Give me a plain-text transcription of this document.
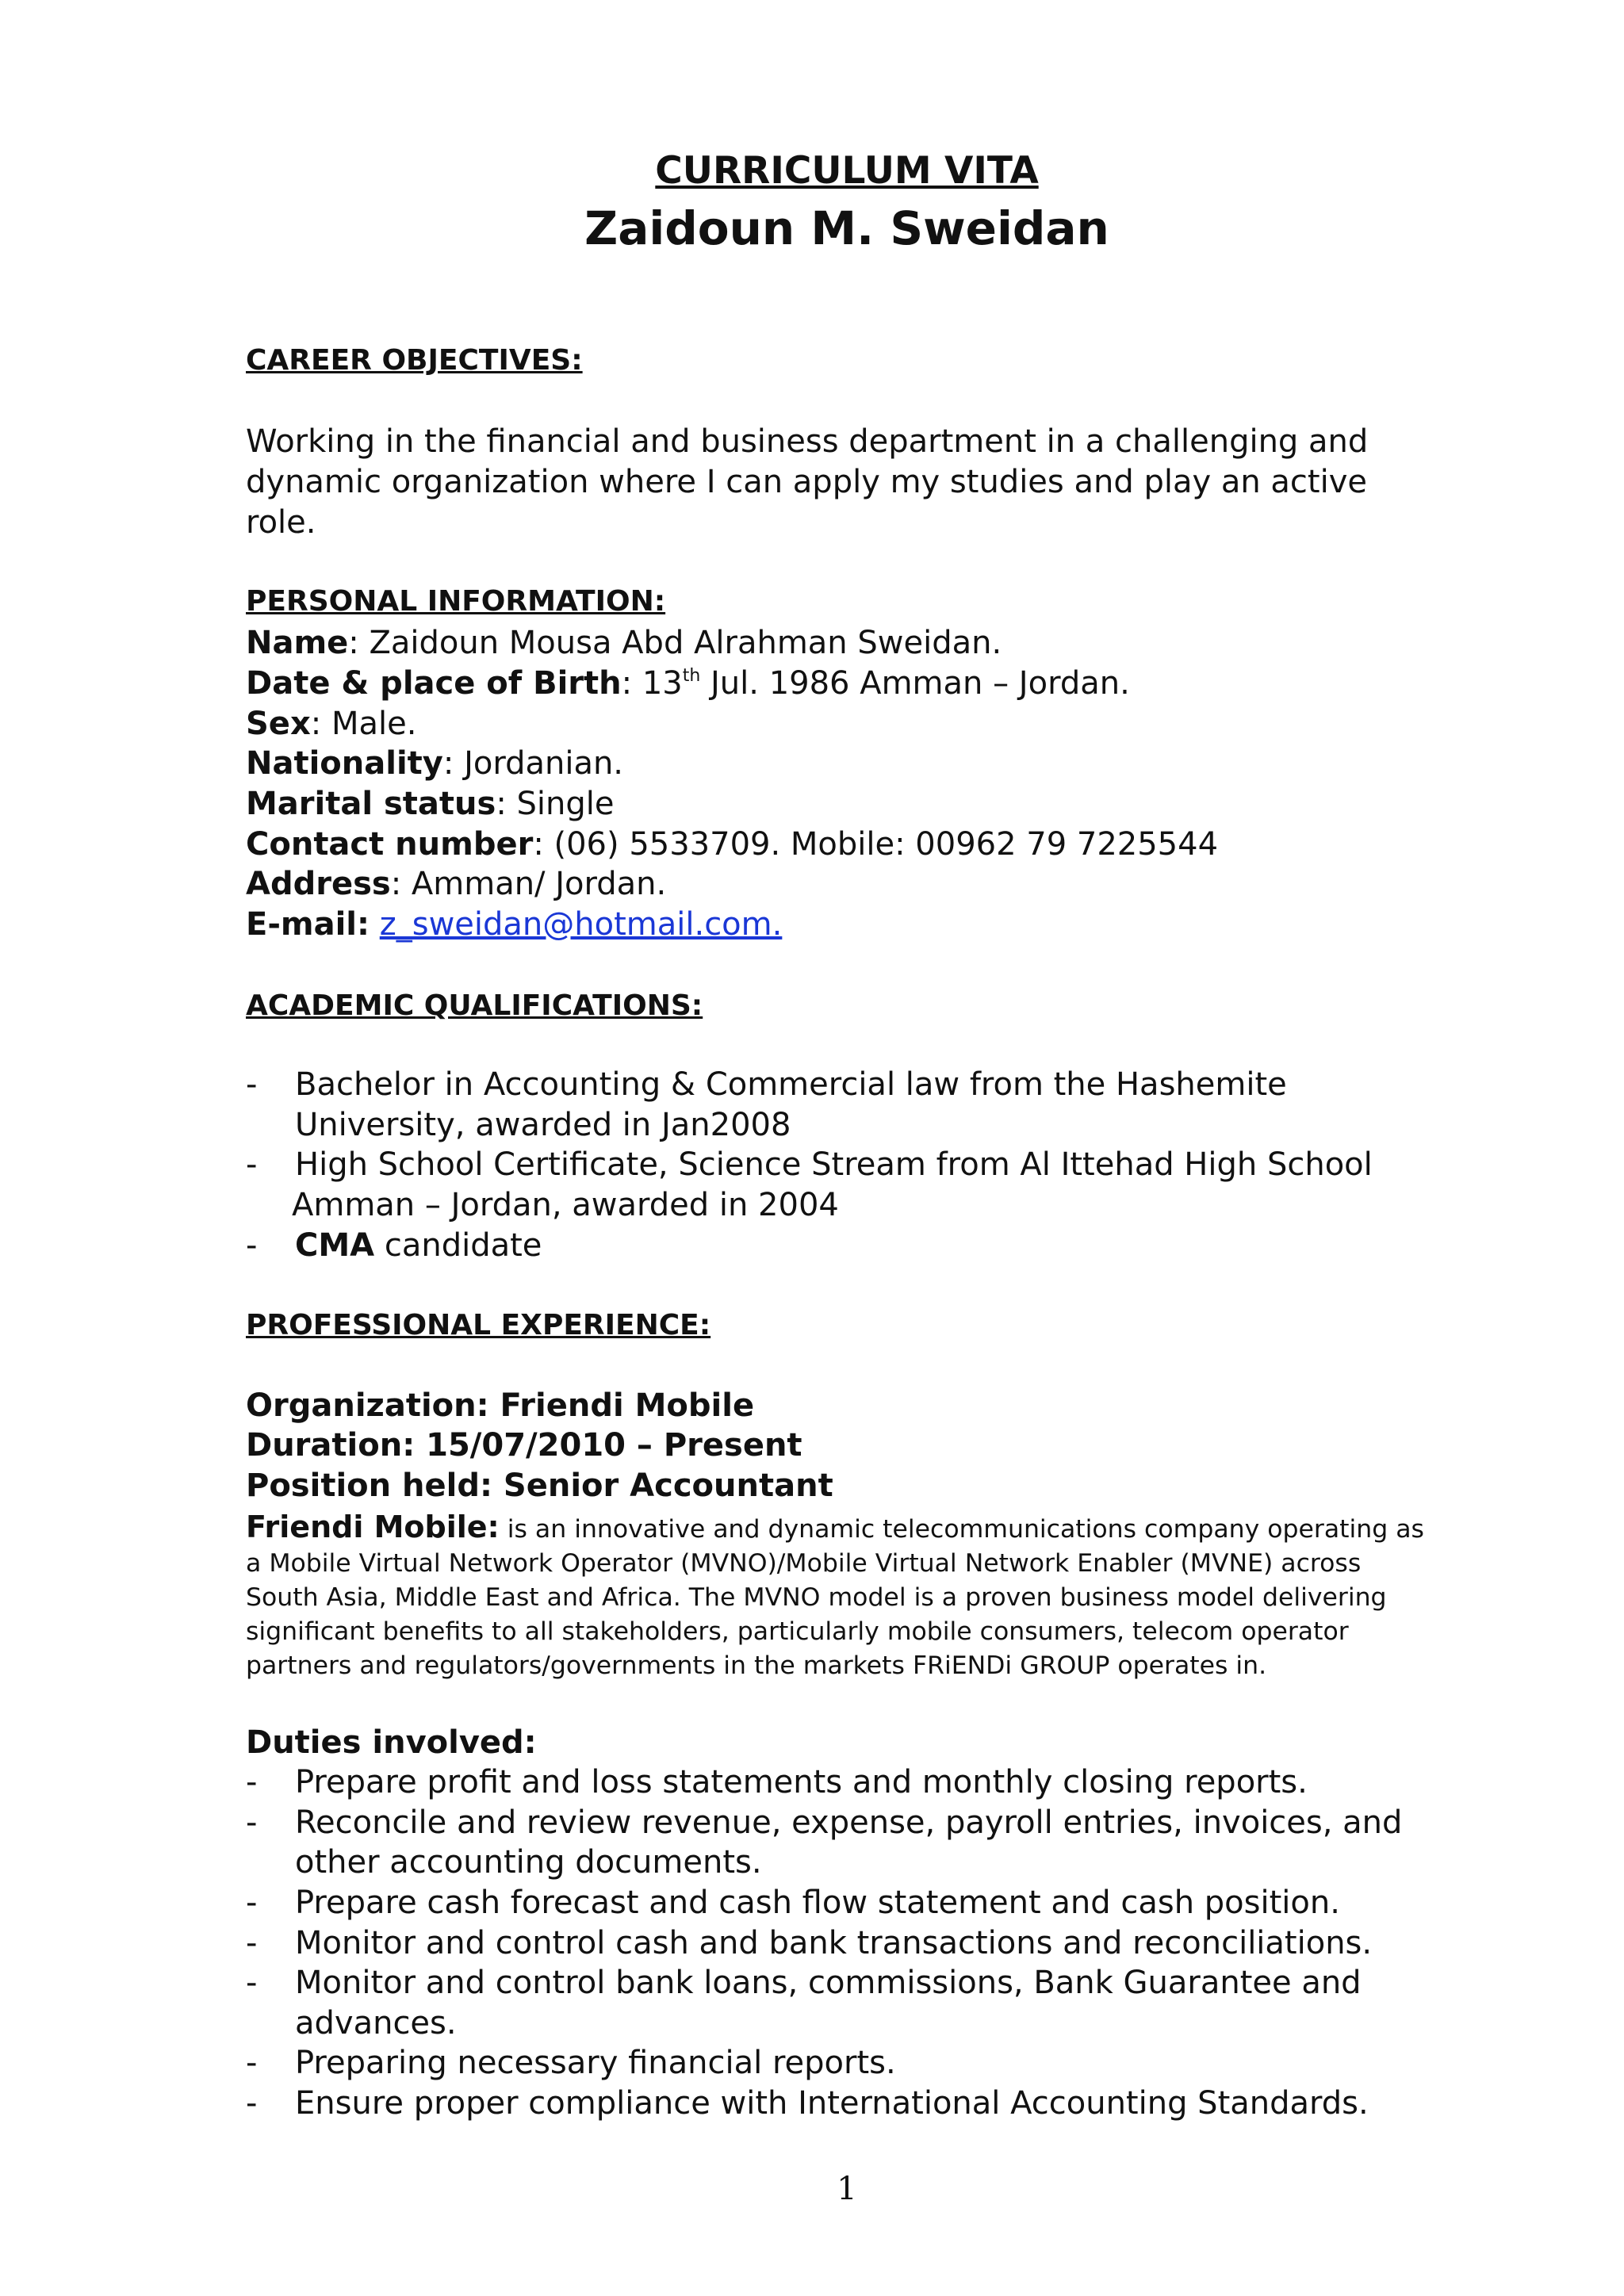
CURRICULUM VITA
Zaidoun M. Sweidan
CAREER OBJECTIVES:
Working in the financial and business department in a challenging and dynamic organization where I can apply my studies and play an active role.
PERSONAL INFORMATION:
Name: Zaidoun Mousa Abd Alrahman Sweidan.
Date & place of Birth: 13th Jul. 1986 Amman – Jordan.
Sex: Male.
Nationality: Jordanian.
Marital status: Single
Contact number: (06) 5533709. Mobile: 00962 79 7225544
Address: Amman/ Jordan.
E-mail: z_sweidan@hotmail.com.
ACADEMIC QUALIFICATIONS:
- Bachelor in Accounting & Commercial law from the Hashemite
University, awarded in Jan2008
- High School Certificate, Science Stream from Al Ittehad High School
Amman – Jordan, awarded in 2004
- CMA candidate
PROFESSIONAL EXPERIENCE:
Organization: Friendi Mobile
Duration: 15/07/2010 – Present
Position held: Senior Accountant
Friendi Mobile: is an innovative and dynamic telecommunications company operating as a Mobile Virtual Network Operator (MVNO)/Mobile Virtual Network Enabler (MVNE) across South Asia, Middle East and Africa. The MVNO model is a proven business model delivering significant benefits to all stakeholders, particularly mobile consumers, telecom operator partners and regulators/governments in the markets FRiENDi GROUP operates in.
Duties involved:
- Prepare profit and loss statements and monthly closing reports.
- Reconcile and review revenue, expense, payroll entries, invoices, and
other accounting documents.
- Prepare cash forecast and cash flow statement and cash position.
- Monitor and control cash and bank transactions and reconciliations.
- Monitor and control bank loans, commissions, Bank Guarantee and
advances.
- Preparing necessary financial reports.
- Ensure proper compliance with International Accounting Standards.
1
